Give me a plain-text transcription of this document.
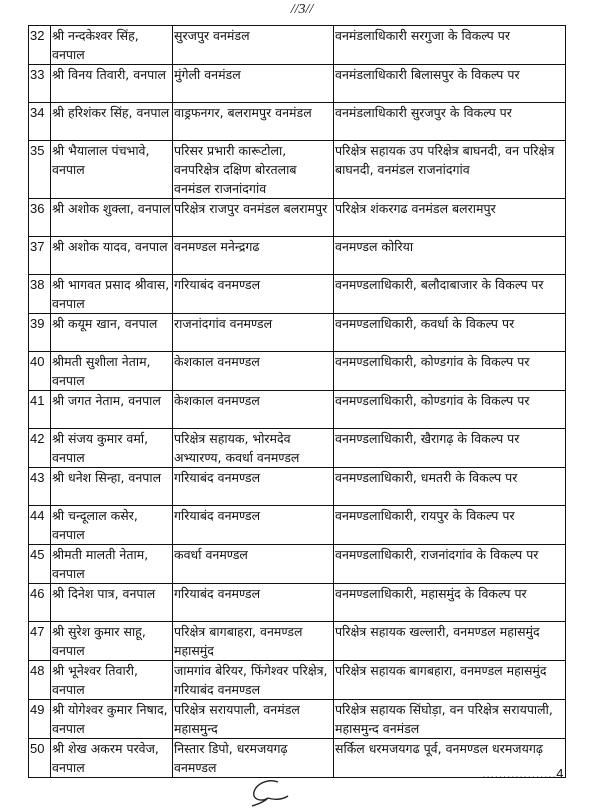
//3//
32	श्री नन्दकेश्वर सिंह, वनपाल	सुरजपुर वनमंडल	वनमंडलाधिकारी सरगुजा के विकल्प पर
33	श्री विनय तिवारी, वनपाल	मुंगेली वनमंडल	वनमंडलाधिकारी बिलासपुर के विकल्प पर
34	श्री हरिशंकर सिंह, वनपाल	वाड्रफनगर, बलरामपुर वनमंडल	वनमंडलाधिकारी सुरजपुर के विकल्प पर
35	श्री भैयालाल पंचभावे, वनपाल	परिसर प्रभारी कारूटोला, वनपरिक्षेत्र दक्षिण बोरतलाब वनमंडल राजनांदगांव	परिक्षेत्र सहायक उप परिक्षेत्र बाघनदी, वन परिक्षेत्र बाघनदी, वनमंडल राजनांदगांव
36	श्री अशोक शुक्ला, वनपाल	परिक्षेत्र राजपुर वनमंडल बलरामपुर	परिक्षेत्र शंकरगढ वनमंडल बलरामपुर
37	श्री अशोक यादव, वनपाल	वनमण्डल मनेन्द्रगढ	वनमण्डल कोरिया
38	श्री भागवत प्रसाद श्रीवास, वनपाल	गरियाबंद वनमण्डल	वनमण्डलाधिकारी, बलौदाबाजार के विकल्प पर
39	श्री कयूम खान, वनपाल	राजनांदगांव वनमण्डल	वनमण्डलाधिकारी, कवर्धा के विकल्प पर
40	श्रीमती सुशीला नेताम, वनपाल	केशकाल वनमण्डल	वनमण्डलाधिकारी, कोण्डगांव के विकल्प पर
41	श्री जगत नेताम, वनपाल	केशकाल वनमण्डल	वनमण्डलाधिकारी, कोण्डगांव के विकल्प पर
42	श्री संजय कुमार वर्मा, वनपाल	परिक्षेत्र सहायक, भोरमदेव अभ्यारण्य, कवर्धा वनमण्डल	वनमण्डलाधिकारी, खैरागढ़ के विकल्प पर
43	श्री धनेश सिन्हा, वनपाल	गरियाबंद वनमण्डल	वनमण्डलाधिकारी, धमतरी के विकल्प पर
44	श्री चन्दूलाल कसेर, वनपाल	गरियाबंद वनमण्डल	वनमण्डलाधिकारी, रायपुर के विकल्प पर
45	श्रीमती मालती नेताम, वनपाल	कवर्धा वनमण्डल	वनमण्डलाधिकारी, राजनांदगांव के विकल्प पर
46	श्री दिनेश पात्र, वनपाल	गरियाबंद वनमण्डल	वनमण्डलाधिकारी, महासमुंद के विकल्प पर
47	श्री सुरेश कुमार साहू, वनपाल	परिक्षेत्र बागबाहरा, वनमण्डल महासमुंद	परिक्षेत्र सहायक खल्लारी, वनमण्डल महासमुंद
48	श्री भूनेश्वर तिवारी, वनपाल	जामगांव बेरियर, फिंगेश्वर परिक्षेत्र, गरियाबंद वनमण्डल	परिक्षेत्र सहायक बागबहारा, वनमण्डल महासमुंद
49	श्री योगेश्वर कुमार निषाद, वनपाल	परिक्षेत्र सरायपाली, वनमंडल महासमुन्द	परिक्षेत्र सहायक सिंघोड़ा, वन परिक्षेत्र सरायपाली, महासमुन्द वनमंडल
50	श्री शेख अकरम परवेज, वनपाल	निस्तार डिपो, धरमजयगढ़ वनमण्डल	सर्किल धरमजयगढ पूर्व, वनमण्डल धरमजयगढ़
..................4
